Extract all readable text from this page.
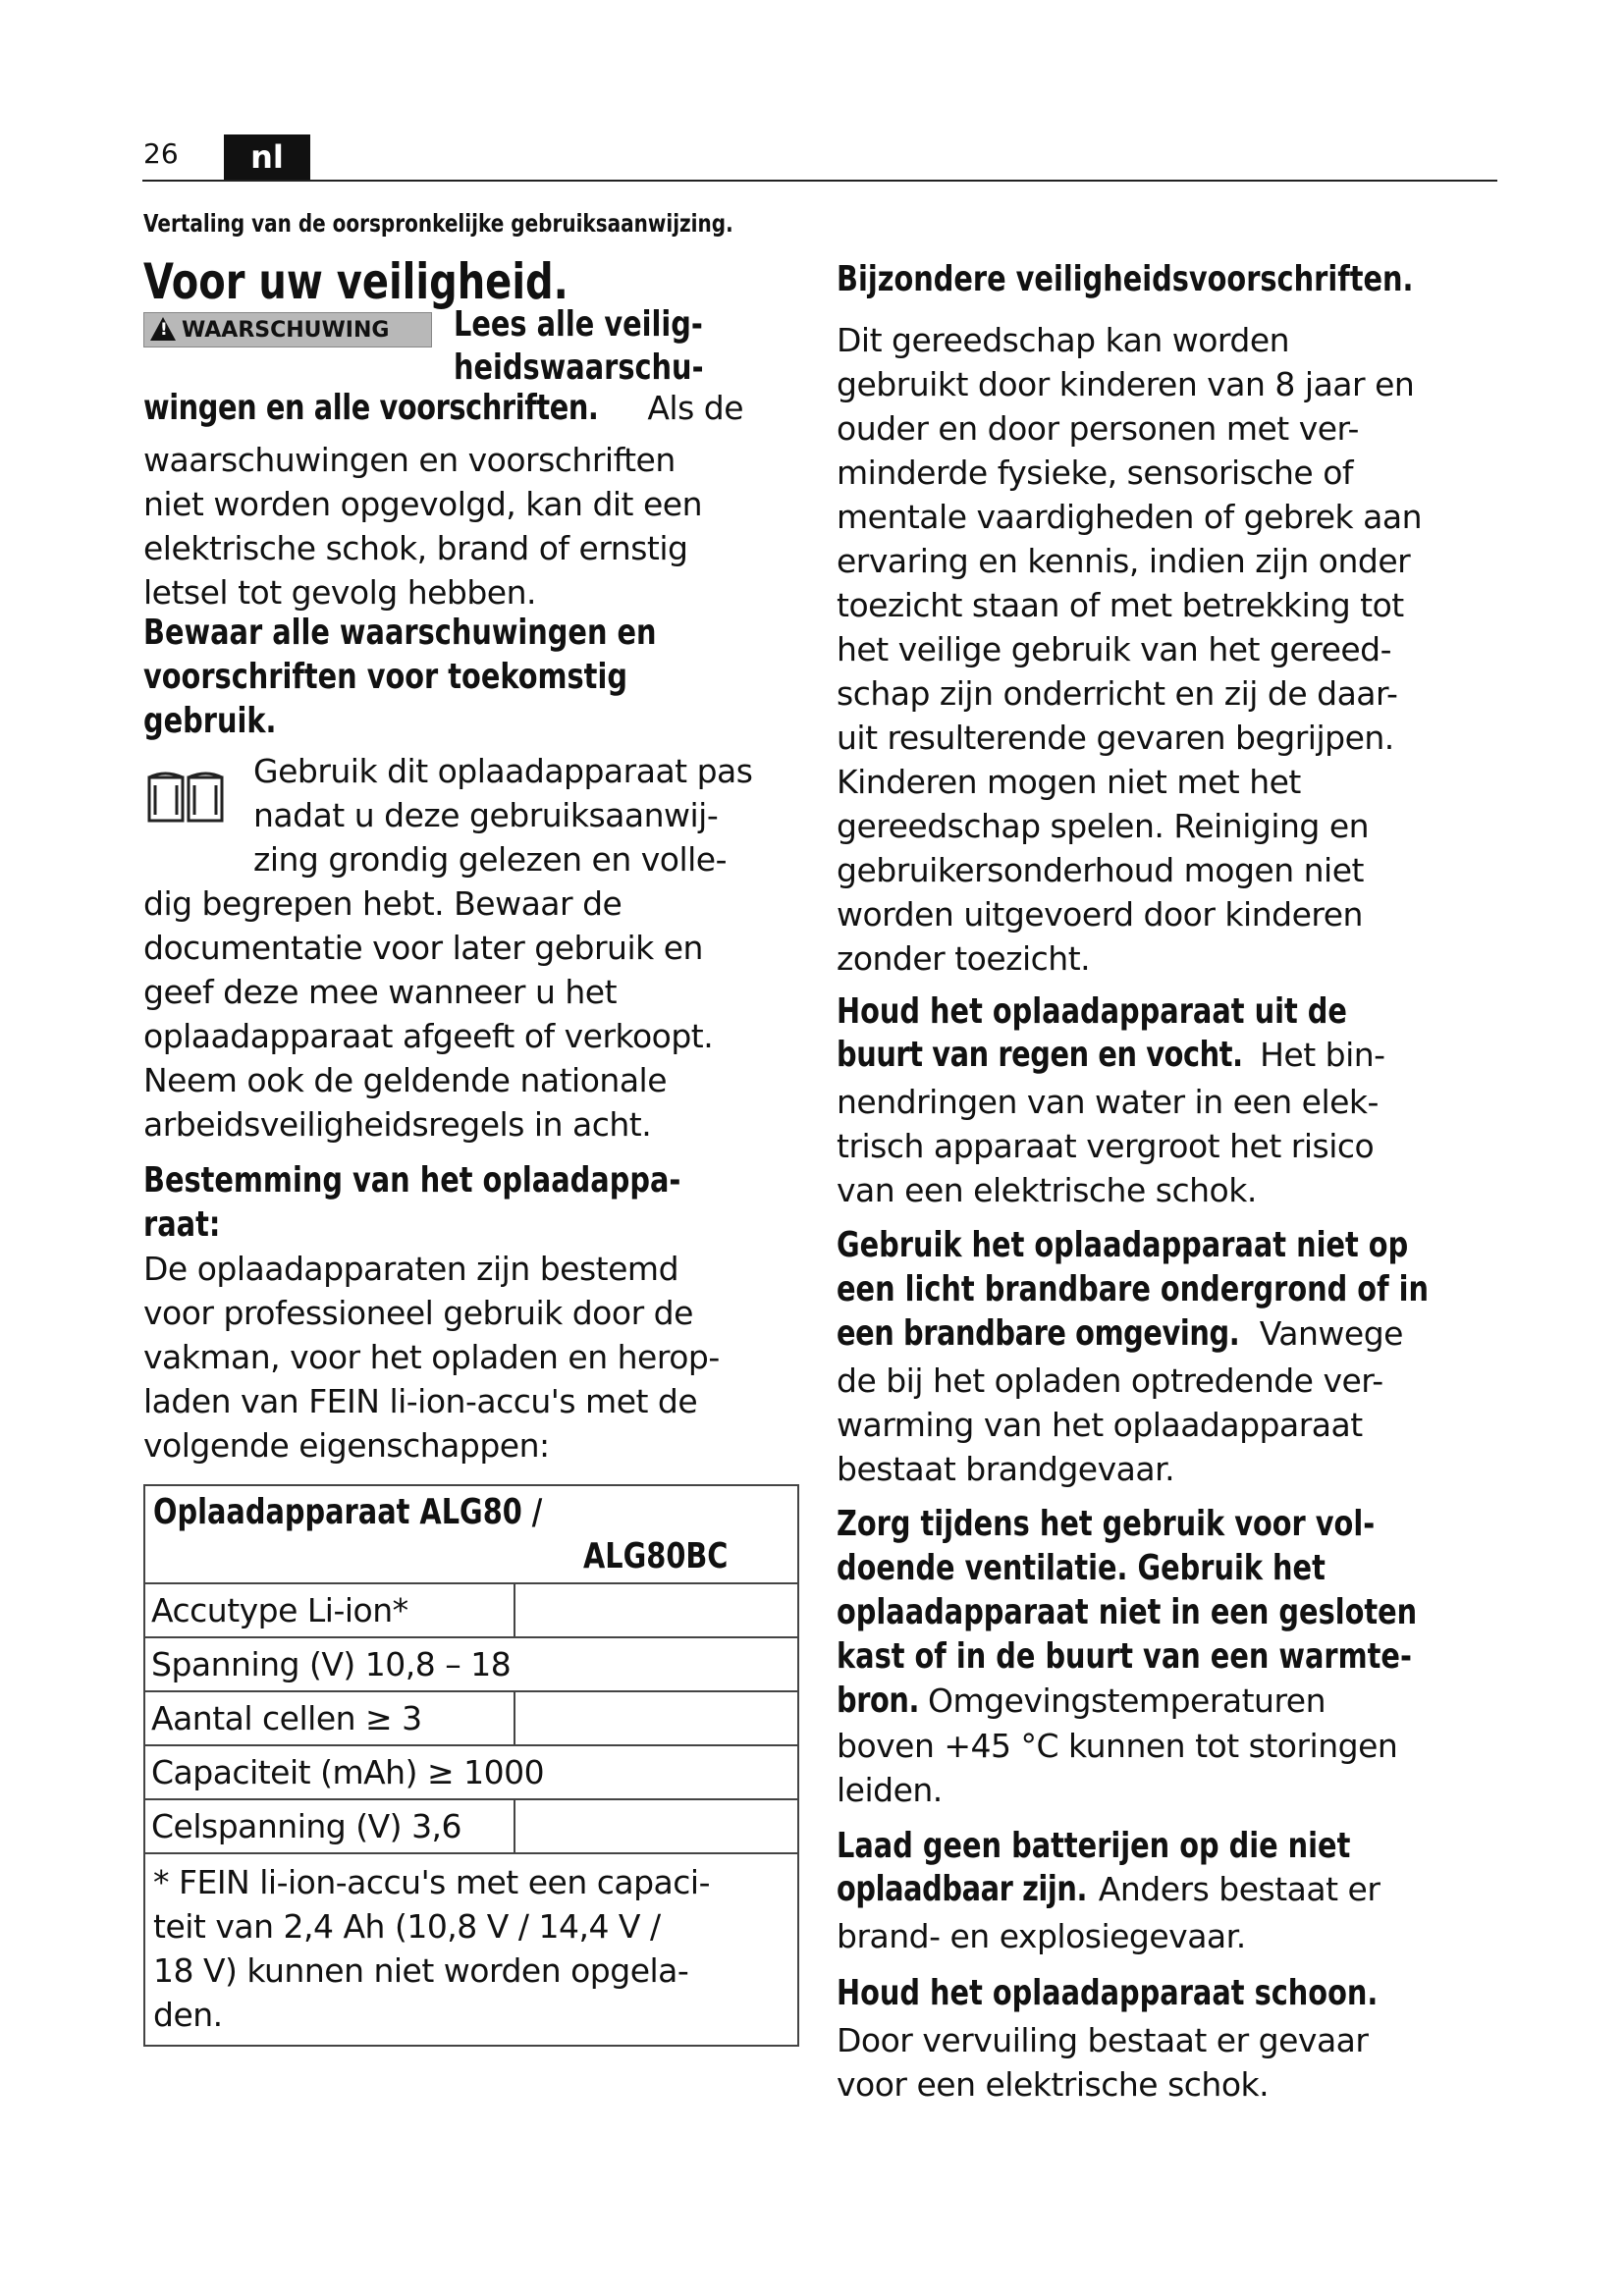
26	nl
Vertaling van de oorspronkelijke gebruiksaanwijzing.
Voor uw veiligheid.
!WAARSCHUWING	Lees alle veilig-
heidswaarschu-
wingen en alle voorschriften. Als de
waarschuwingen en voorschriften
niet worden opgevolgd, kan dit een
elektrische schok, brand of ernstig
letsel tot gevolg hebben.
Bewaar alle waarschuwingen en
voorschriften voor toekomstig
gebruik.
Gebruik dit oplaadapparaat pas
nadat u deze gebruiksaanwij-
zing grondig gelezen en volle-
dig begrepen hebt. Bewaar de
documentatie voor later gebruik en
geef deze mee wanneer u het
oplaadapparaat afgeeft of verkoopt.
Neem ook de geldende nationale
arbeidsveiligheidsregels in acht.
Bestemming van het oplaadappa-
raat:
De oplaadapparaten zijn bestemd
voor professioneel gebruik door de
vakman, voor het opladen en herop-
laden van FEIN li-ion-accu's met de
volgende eigenschappen:
Oplaadapparaat ALG80 /
ALG80BC	

Accutype Li-ion*	
Spanning (V) 10,8 – 18	
Aantal cellen ≥ 3	
Capaciteit (mAh) ≥ 1000	
Celspanning (V) 3,6	

* FEIN li-ion-accu's met een capaci-
teit van 2,4 Ah (10,8 V / 14,4 V /
18 V) kunnen niet worden opgela-
den.	
Bijzondere veiligheidsvoorschriften.
Dit gereedschap kan worden
gebruikt door kinderen van 8 jaar en
ouder en door personen met ver-
minderde fysieke, sensorische of
mentale vaardigheden of gebrek aan
ervaring en kennis, indien zijn onder
toezicht staan of met betrekking tot
het veilige gebruik van het gereed-
schap zijn onderricht en zij de daar-
uit resulterende gevaren begrijpen.
Kinderen mogen niet met het
gereedschap spelen. Reiniging en
gebruikersonderhoud mogen niet
worden uitgevoerd door kinderen
zonder toezicht.
Houd het oplaadapparaat uit de
buurt van regen en vocht. Het bin-
nendringen van water in een elek-
trisch apparaat vergroot het risico
van een elektrische schok.
Gebruik het oplaadapparaat niet op
een licht brandbare ondergrond of in
een brandbare omgeving. Vanwege
de bij het opladen optredende ver-
warming van het oplaadapparaat
bestaat brandgevaar.
Zorg tijdens het gebruik voor vol-
doende ventilatie. Gebruik het
oplaadapparaat niet in een gesloten
kast of in de buurt van een warmte-
bron. Omgevingstemperaturen
boven +45 °C kunnen tot storingen
leiden.
Laad geen batterijen op die niet
oplaadbaar zijn. Anders bestaat er
brand- en explosiegevaar.
Houd het oplaadapparaat schoon.
Door vervuiling bestaat er gevaar
voor een elektrische schok.
